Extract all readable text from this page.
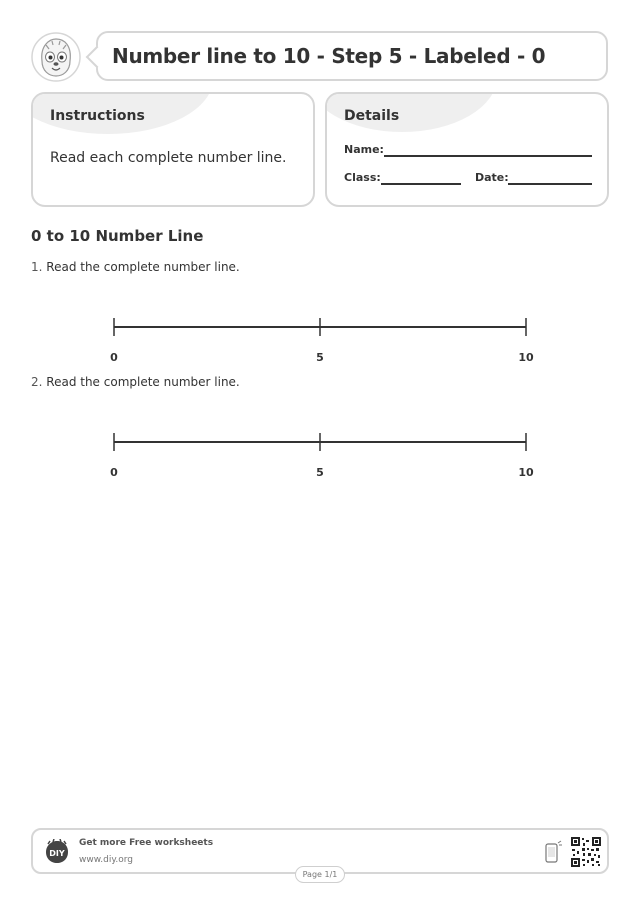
Number line to 10 - Step 5 - Labeled - 0
Instructions
Read each complete number line.
Details
Name:
Class:	Date:
0 to 10 Number Line
1. Read the complete number line.
0	5	10
2. Read the complete number line.
0	5	10
DIY
Get more Free worksheets
www.diy.org
Page 1/1
